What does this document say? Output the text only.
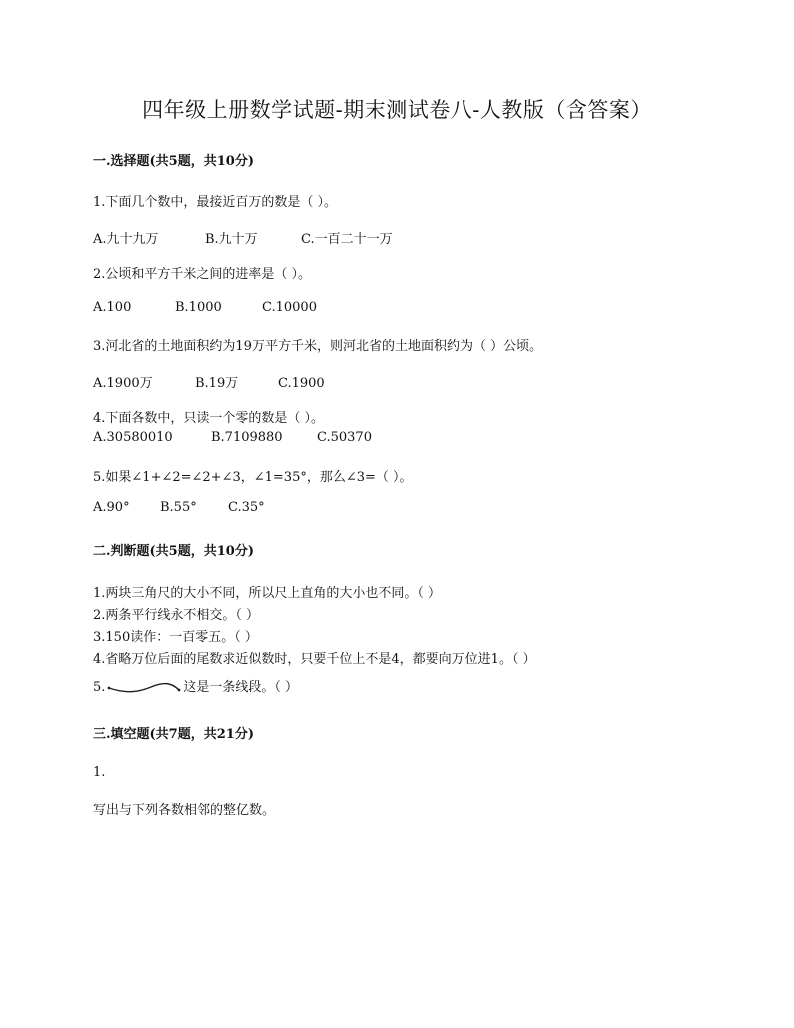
四年级上册数学试题-期末测试卷八-人教版（含答案）
一.选择题(共5题，共10分)
1.下面几个数中，最接近百万的数是（ ）。
A.九十九万	B.九十万	C.一百二十一万
2.公顷和平方千米之间的进率是（ ）。
A.100	B.1000	C.10000
3.河北省的土地面积约为19万平方千米，则河北省的土地面积约为（ ）公顷。
A.1900万	B.19万	C.1900
4.下面各数中，只读一个零的数是（ ）。
A.30580010	B.7109880	C.50370
5.如果∠1+∠2=∠2+∠3，∠1=35°，那么∠3=（ ）。
A.90° B.55° C.35°
二.判断题(共5题，共10分)
1.两块三角尺的大小不同，所以尺上直角的大小也不同。（ ）
2.两条平行线永不相交。（ ）
3.150读作：一百零五。（ ）
4.省略万位后面的尾数求近似数时，只要千位上不是4，都要向万位进1。（ ）
5.	这是一条线段。（ ）
三.填空题(共7题，共21分)
1.
写出与下列各数相邻的整亿数。
